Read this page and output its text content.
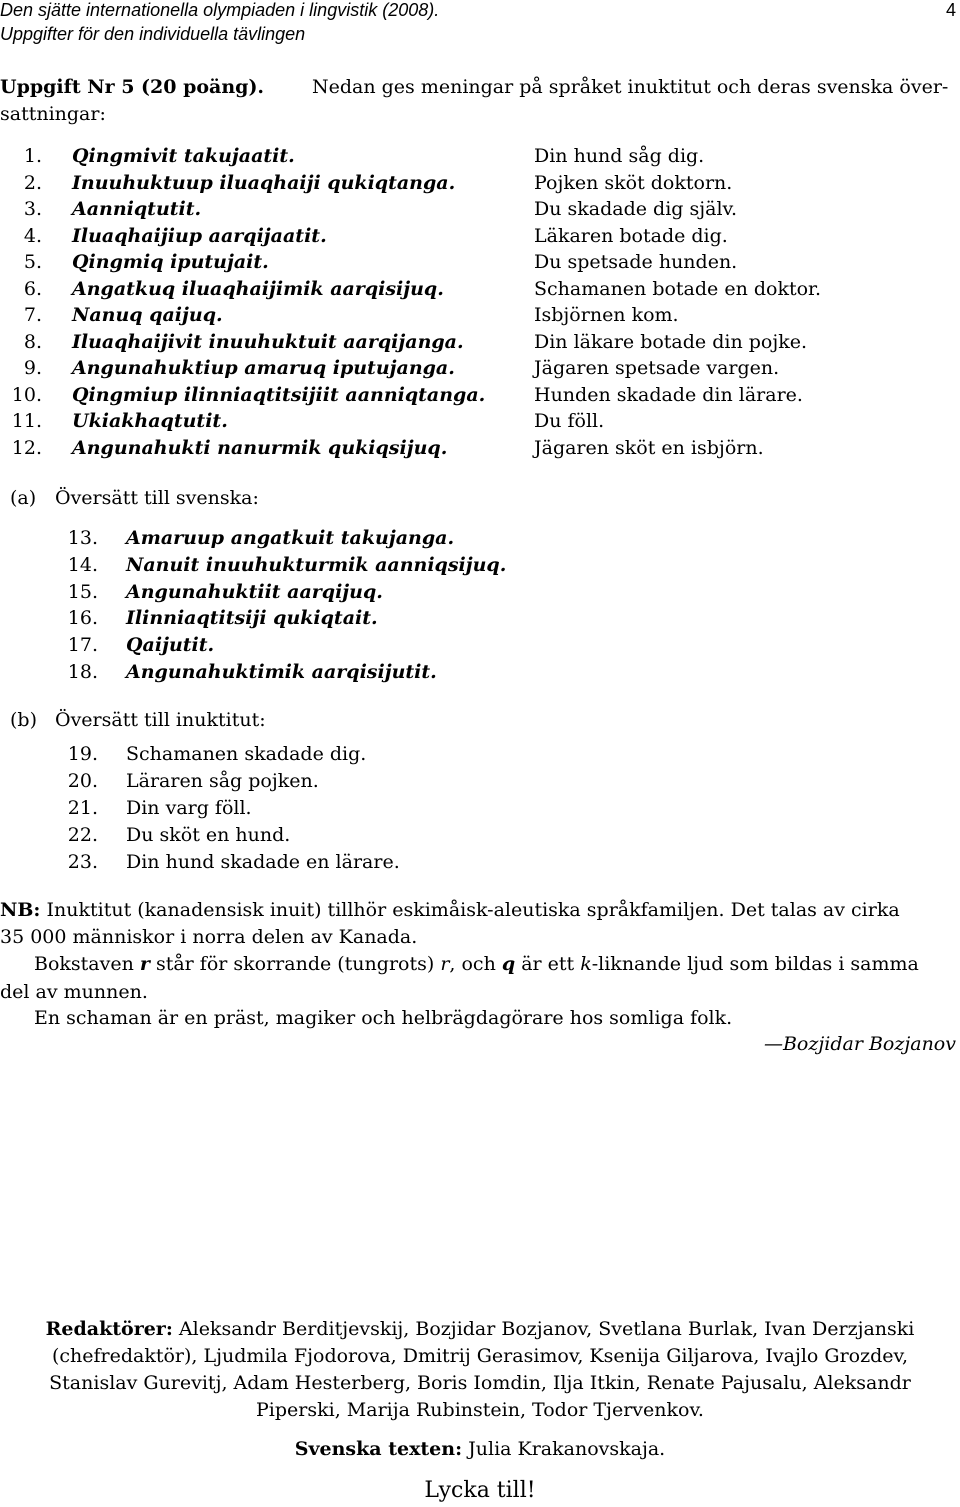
Den sjätte internationella olympiaden i lingvistik (2008).
Uppgifter för den individuella tävlingen
4
Uppgift Nr 5 (20 poäng).	Nedan ges meningar på språket inuktitut och deras svenska över-
sattningar:
1. Qingmivit takujaatit.	Din hund såg dig.
2. Inuuhuktuup iluaqhaiji qukiqtanga.	Pojken sköt doktorn.
3. Aanniqtutit.	Du skadade dig själv.
4. Iluaqhaijiup aarqijaatit.	Läkaren botade dig.
5. Qingmiq iputujait.	Du spetsade hunden.
6. Angatkuq iluaqhaijimik aarqisijuq.	Schamanen botade en doktor.
7. Nanuq qaijuq.	Isbjörnen kom.
8. Iluaqhaijivit inuuhuktuit aarqijanga.	Din läkare botade din pojke.
9. Angunahuktiup amaruq iputujanga.	Jägaren spetsade vargen.
10. Qingmiup ilinniaqtitsijiit aanniqtanga.	Hunden skadade din lärare.
11. Ukiakhaqtutit.	Du föll.
12. Angunahukti nanurmik qukiqsijuq.	Jägaren sköt en isbjörn.
(a) Översätt till svenska:
13. Amaruup angatkuit takujanga.
14. Nanuit inuuhukturmik aanniqsijuq.
15. Angunahuktiit aarqijuq.
16. Ilinniaqtitsiji qukiqtait.
17. Qaijutit.
18. Angunahuktimik aarqisijutit.
(b) Översätt till inuktitut:
19. Schamanen skadade dig.
20. Läraren såg pojken.
21. Din varg föll.
22. Du sköt en hund.
23. Din hund skadade en lärare.
NB: Inuktitut (kanadensisk inuit) tillhör eskimåisk-aleutiska språkfamiljen. Det talas av cirka
35 000 människor i norra delen av Kanada.
Bokstaven r står för skorrande (tungrots) r, och q är ett k-liknande ljud som bildas i samma
del av munnen.
En schaman är en präst, magiker och helbrägdagörare hos somliga folk.
—Bozjidar Bozjanov
Redaktörer: Aleksandr Berditjevskij, Bozjidar Bozjanov, Svetlana Burlak, Ivan Derzjanski
(chefredaktör), Ljudmila Fjodorova, Dmitrij Gerasimov, Ksenija Giljarova, Ivajlo Grozdev,
Stanislav Gurevitj, Adam Hesterberg, Boris Iomdin, Ilja Itkin, Renate Pajusalu, Aleksandr
Piperski, Marija Rubinstein, Todor Tjervenkov.
Svenska texten: Julia Krakanovskaja.
Lycka till!
